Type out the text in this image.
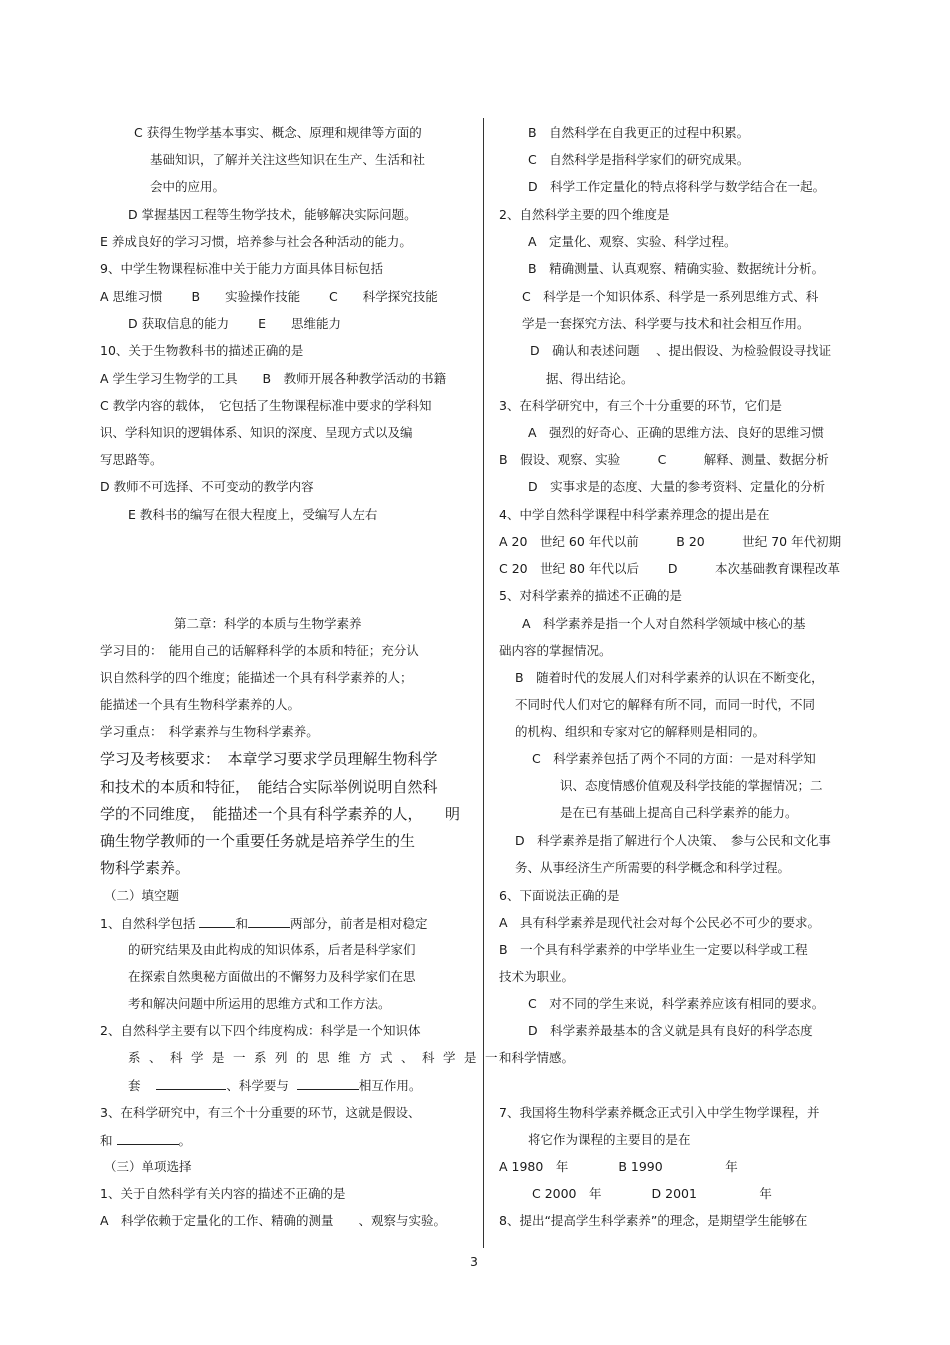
C 获得生物学基本事实、概念、原理和规律等方面的
基础知识，了解并关注这些知识在生产、生活和社
会中的应用。
D 掌握基因工程等生物学技术，能够解决实际问题。
E 养成良好的学习习惯，培养参与社会各种活动的能力。
9、中学生物课程标准中关于能力方面具体目标包括
A 思维习惯　　 B　　实验操作技能　　 C　　科学探究技能
D 获取信息的能力　　 E　　思维能力
10、关于生物教科书的描述正确的是
A 学生学习生物学的工具　　B　教师开展各种教学活动的书籍
C 教学内容的载体，　它包括了生物课程标准中要求的学科知
识、学科知识的逻辑体系、知识的深度、呈现方式以及编
写思路等。
D 教师不可选择、不可变动的教学内容
E 教科书的编写在很大程度上，受编写人左右
第二章：科学的本质与生物学素养
学习目的：　能用自己的话解释科学的本质和特征；充分认
识自然科学的四个维度；能描述一个具有科学素养的人；
能描述一个具有生物科学素养的人。
学习重点：　科学素养与生物科学素养。
学习及考核要求：　本章学习要求学员理解生物科学
和技术的本质和特征，　能结合实际举例说明自然科
学的不同维度，　能描述一个具有科学素养的人，　　明
确生物学教师的一个重要任务就是培养学生的生
物科学素养。
（二）填空题
1、自然科学包括	和	两部分，前者是相对稳定
的研究结果及由此构成的知识体系，后者是科学家们
在探索自然奥秘方面做出的不懈努力及科学家们在思
考和解决问题中所运用的思维方式和工作方法。
2、自然科学主要有以下四个纬度构成：科学是一个知识体
系、科学是一系列的思维方式、科学是一
套	、科学要与	相互作用。
3、在科学研究中，有三个十分重要的环节，这就是假设、
和	。
（三）单项选择
1、关于自然科学有关内容的描述不正确的是
A　科学依赖于定量化的工作、精确的测量　　、观察与实验。
B　自然科学在自我更正的过程中积累。
C　自然科学是指科学家们的研究成果。
D　科学工作定量化的特点将科学与数学结合在一起。
2、自然科学主要的四个维度是
A　定量化、观察、实验、科学过程。
B　精确测量、认真观察、精确实验、数据统计分析。
C　科学是一个知识体系、科学是一系列思维方式、科
学是一套探究方法、科学要与技术和社会相互作用。
D　确认和表述问题　 、提出假设、为检验假设寻找证
据、得出结论。
3、在科学研究中，有三个十分重要的环节，它们是
A　强烈的好奇心、正确的思维方法、良好的思维习惯
B　假设、观察、实验　　　C　　　解释、测量、数据分析
D　实事求是的态度、大量的参考资料、定量化的分析
4、中学自然科学课程中科学素养理念的提出是在
A 20　世纪 60 年代以前　　　B 20　　　世纪 70 年代初期
C 20　世纪 80 年代以后　　 D　　　本次基础教育课程改革
5、对科学素养的描述不正确的是
A　科学素养是指一个人对自然科学领域中核心的基
础内容的掌握情况。
B　随着时代的发展人们对科学素养的认识在不断变化，
不同时代人们对它的解释有所不同，而同一时代，不同
的机构、组织和专家对它的解释则是相同的。
C　科学素养包括了两个不同的方面：一是对科学知
识、态度情感价值观及科学技能的掌握情况；二
是在已有基础上提高自己科学素养的能力。
D　科学素养是指了解进行个人决策、　参与公民和文化事
务、从事经济生产所需要的科学概念和科学过程。
6、下面说法正确的是
A　具有科学素养是现代社会对每个公民必不可少的要求。
B　一个具有科学素养的中学毕业生一定要以科学或工程
技术为职业。
C　对不同的学生来说，科学素养应该有相同的要求。
D　科学素养最基本的含义就是具有良好的科学态度
和科学情感。
7、我国将生物科学素养概念正式引入中学生物学课程，并
将它作为课程的主要目的是在
A 1980　年　　　　B 1990　　　　　年
C 2000　年　　　　D 2001　　　　　年
8、提出“提高学生科学素养”的理念，是期望学生能够在
3
